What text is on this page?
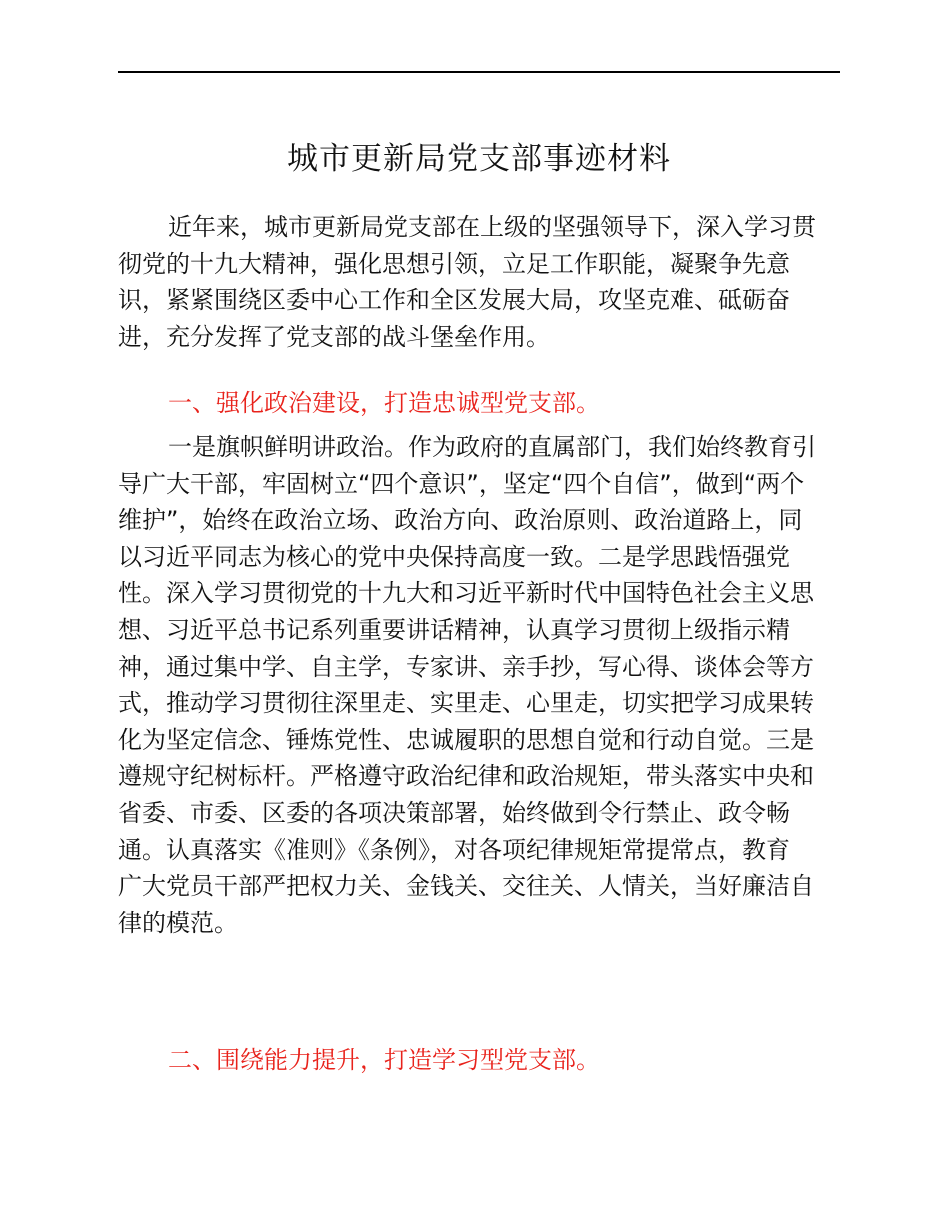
城市更新局党支部事迹材料
近年来，城市更新局党支部在上级的坚强领导下，深入学习贯
彻党的十九大精神，强化思想引领，立足工作职能，凝聚争先意
识，紧紧围绕区委中心工作和全区发展大局，攻坚克难、砥砺奋
进，充分发挥了党支部的战斗堡垒作用。
一、强化政治建设，打造忠诚型党支部。
一是旗帜鲜明讲政治。作为政府的直属部门，我们始终教育引
导广大干部，牢固树立“四个意识”，坚定“四个自信”，做到“两个
维护”，始终在政治立场、政治方向、政治原则、政治道路上，同
以习近平同志为核心的党中央保持高度一致。二是学思践悟强党
性。深入学习贯彻党的十九大和习近平新时代中国特色社会主义思
想、习近平总书记系列重要讲话精神，认真学习贯彻上级指示精
神，通过集中学、自主学，专家讲、亲手抄，写心得、谈体会等方
式，推动学习贯彻往深里走、实里走、心里走，切实把学习成果转
化为坚定信念、锤炼党性、忠诚履职的思想自觉和行动自觉。三是
遵规守纪树标杆。严格遵守政治纪律和政治规矩，带头落实中央和
省委、市委、区委的各项决策部署，始终做到令行禁止、政令畅
通。认真落实《准则》《条例》，对各项纪律规矩常提常点，教育
广大党员干部严把权力关、金钱关、交往关、人情关，当好廉洁自
律的模范。
二、围绕能力提升，打造学习型党支部。
